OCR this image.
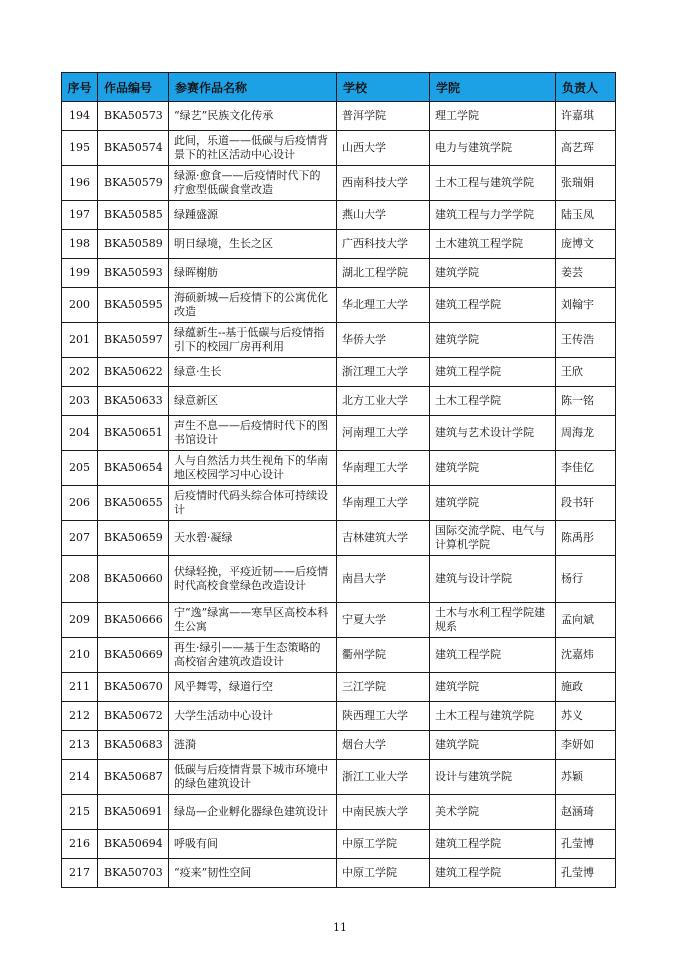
序号	作品编号	参赛作品名称	学校	学院	负责人
194	BKA50573	“绿艺”民族文化传承	普洱学院	理工学院	许嘉琪
195	BKA50574	此间，乐道——低碳与后疫情背景下的社区活动中心设计	山西大学	电力与建筑学院	高艺珲
196	BKA50579	绿源·愈食——后疫情时代下的疗愈型低碳食堂改造	西南科技大学	土木工程与建筑学院	张瑞娟
197	BKA50585	绿踵盛源	燕山大学	建筑工程与力学学院	陆玉凤
198	BKA50589	明日绿境，生长之区	广西科技大学	土木建筑工程学院	庞博文
199	BKA50593	绿晖榭舫	湖北工程学院	建筑学院	姜芸
200	BKA50595	海硕新城—后疫情下的公寓优化改造	华北理工大学	建筑工程学院	刘翰宇
201	BKA50597	绿蕴新生--基于低碳与后疫情指引下的校园厂房再利用	华侨大学	建筑学院	王传浩
202	BKA50622	绿意·生长	浙江理工大学	建筑工程学院	王欣
203	BKA50633	绿意新区	北方工业大学	土木工程学院	陈一铭
204	BKA50651	声生不息——后疫情时代下的图书馆设计	河南理工大学	建筑与艺术设计学院	周海龙
205	BKA50654	人与自然活力共生视角下的华南地区校园学习中心设计	华南理工大学	建筑学院	李佳亿
206	BKA50655	后疫情时代码头综合体可持续设计	华南理工大学	建筑学院	段书轩
207	BKA50659	天水碧·凝绿	吉林建筑大学	国际交流学院、电气与计算机学院	陈禹彤
208	BKA50660	伏绿轻挽，平疫近韧——后疫情时代高校食堂绿色改造设计	南昌大学	建筑与设计学院	杨行
209	BKA50666	宁“逸”绿寓——寒旱区高校本科生公寓	宁夏大学	土木与水利工程学院建规系	孟向斌
210	BKA50669	再生·绿引——基于生态策略的高校宿舍建筑改造设计	衢州学院	建筑工程学院	沈嘉炜
211	BKA50670	风乎舞雩，绿道行空	三江学院	建筑学院	施政
212	BKA50672	大学生活动中心设计	陕西理工大学	土木工程与建筑学院	苏义
213	BKA50683	涟漪	烟台大学	建筑学院	李妍如
214	BKA50687	低碳与后疫情背景下城市环境中的绿色建筑设计	浙江工业大学	设计与建筑学院	苏颖
215	BKA50691	绿岛—企业孵化器绿色建筑设计	中南民族大学	美术学院	赵涵琦
216	BKA50694	呼吸有间	中原工学院	建筑工程学院	孔莹博
217	BKA50703	“疫来”韧性空间	中原工学院	建筑工程学院	孔莹博
11
